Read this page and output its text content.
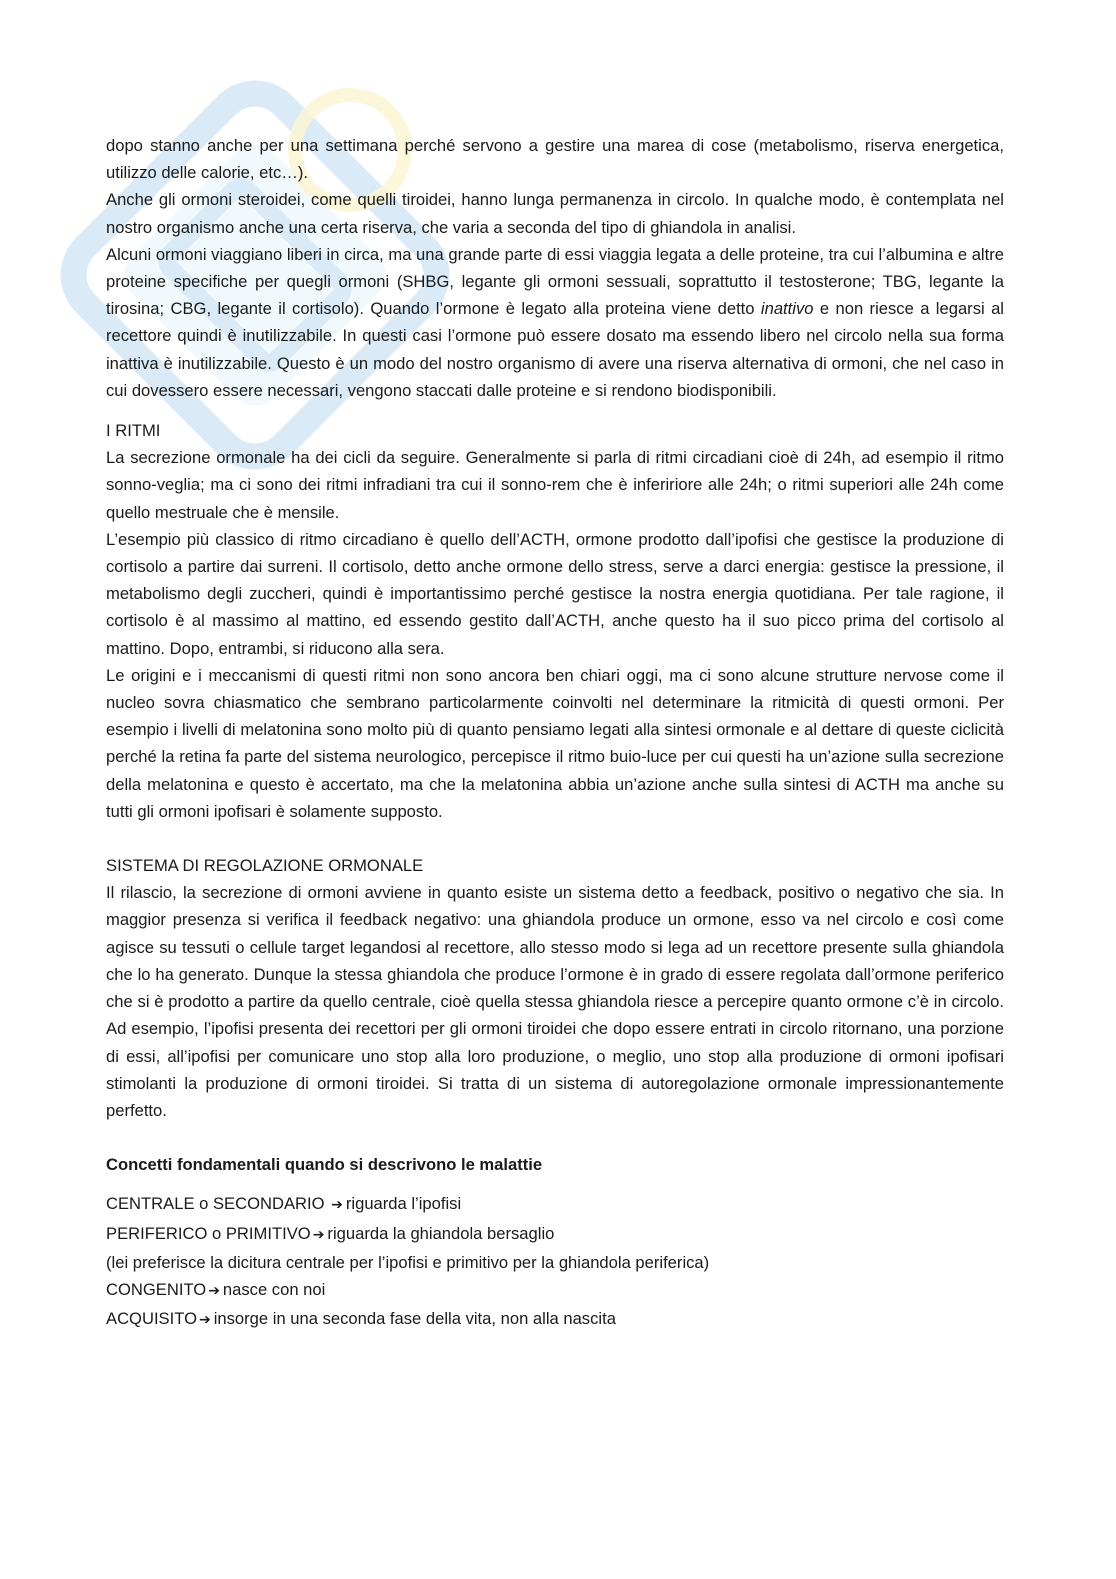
dopo stanno anche per una settimana perché servono a gestire una marea di cose (metabolismo, riserva energetica, utilizzo delle calorie, etc…).

Anche gli ormoni steroidei, come quelli tiroidei, hanno lunga permanenza in circolo. In qualche modo, è contemplata nel nostro organismo anche una certa riserva, che varia a seconda del tipo di ghiandola in analisi.

Alcuni ormoni viaggiano liberi in circa, ma una grande parte di essi viaggia legata a delle proteine, tra cui l’albumina e altre proteine specifiche per quegli ormoni (SHBG, legante gli ormoni sessuali, soprattutto il testosterone; TBG, legante la tirosina; CBG, legante il cortisolo). Quando l’ormone è legato alla proteina viene detto inattivo e non riesce a legarsi al recettore quindi è inutilizzabile. In questi casi l’ormone può essere dosato ma essendo libero nel circolo nella sua forma inattiva è inutilizzabile. Questo è un modo del nostro organismo di avere una riserva alternativa di ormoni, che nel caso in cui dovessero essere necessari, vengono staccati dalle proteine e si rendono biodisponibili.

I RITMI

La secrezione ormonale ha dei cicli da seguire. Generalmente si parla di ritmi circadiani cioè di 24h, ad esempio il ritmo sonno-veglia; ma ci sono dei ritmi infradiani tra cui il sonno-rem che è infeririore alle 24h; o ritmi superiori alle 24h come quello mestruale che è mensile.

L’esempio più classico di ritmo circadiano è quello dell’ACTH, ormone prodotto dall’ipofisi che gestisce la produzione di cortisolo a partire dai surreni. Il cortisolo, detto anche ormone dello stress, serve a darci energia: gestisce la pressione, il metabolismo degli zuccheri, quindi è importantissimo perché gestisce la nostra energia quotidiana. Per tale ragione, il cortisolo è al massimo al mattino, ed essendo gestito dall’ACTH, anche questo ha il suo picco prima del cortisolo al mattino. Dopo, entrambi, si riducono alla sera.

Le origini e i meccanismi di questi ritmi non sono ancora ben chiari oggi, ma ci sono alcune strutture nervose come il nucleo sovra chiasmatico che sembrano particolarmente coinvolti nel determinare la ritmicità di questi ormoni. Per esempio i livelli di melatonina sono molto più di quanto pensiamo legati alla sintesi ormonale e al dettare di queste ciclicità perché la retina fa parte del sistema neurologico, percepisce il ritmo buio-luce per cui questi ha un’azione sulla secrezione della melatonina e questo è accertato, ma che la melatonina abbia un’azione anche sulla sintesi di ACTH ma anche su tutti gli ormoni ipofisari è solamente supposto.

SISTEMA DI REGOLAZIONE ORMONALE

Il rilascio, la secrezione di ormoni avviene in quanto esiste un sistema detto a feedback, positivo o negativo che sia. In maggior presenza si verifica il feedback negativo: una ghiandola produce un ormone, esso va nel circolo e così come agisce su tessuti o cellule target legandosi al recettore, allo stesso modo si lega ad un recettore presente sulla ghiandola che lo ha generato. Dunque la stessa ghiandola che produce l’ormone è in grado di essere regolata dall’ormone periferico che si è prodotto a partire da quello centrale, cioè quella stessa ghiandola riesce a percepire quanto ormone c’è in circolo. Ad esempio, l’ipofisi presenta dei recettori per gli ormoni tiroidei che dopo essere entrati in circolo ritornano, una porzione di essi, all’ipofisi per comunicare uno stop alla loro produzione, o meglio, uno stop alla produzione di ormoni ipofisari stimolanti la produzione di ormoni tiroidei. Si tratta di un sistema di autoregolazione ormonale impressionantemente perfetto.

Concetti fondamentali quando si descrivono le malattie

CENTRALE o SECONDARIO ➔ riguarda l’ipofisi

PERIFERICO o PRIMITIVO ➔ riguarda la ghiandola bersaglio

(lei preferisce la dicitura centrale per l’ipofisi e primitivo per la ghiandola periferica)

CONGENITO ➔ nasce con noi

ACQUISITO ➔ insorge in una seconda fase della vita, non alla nascita
